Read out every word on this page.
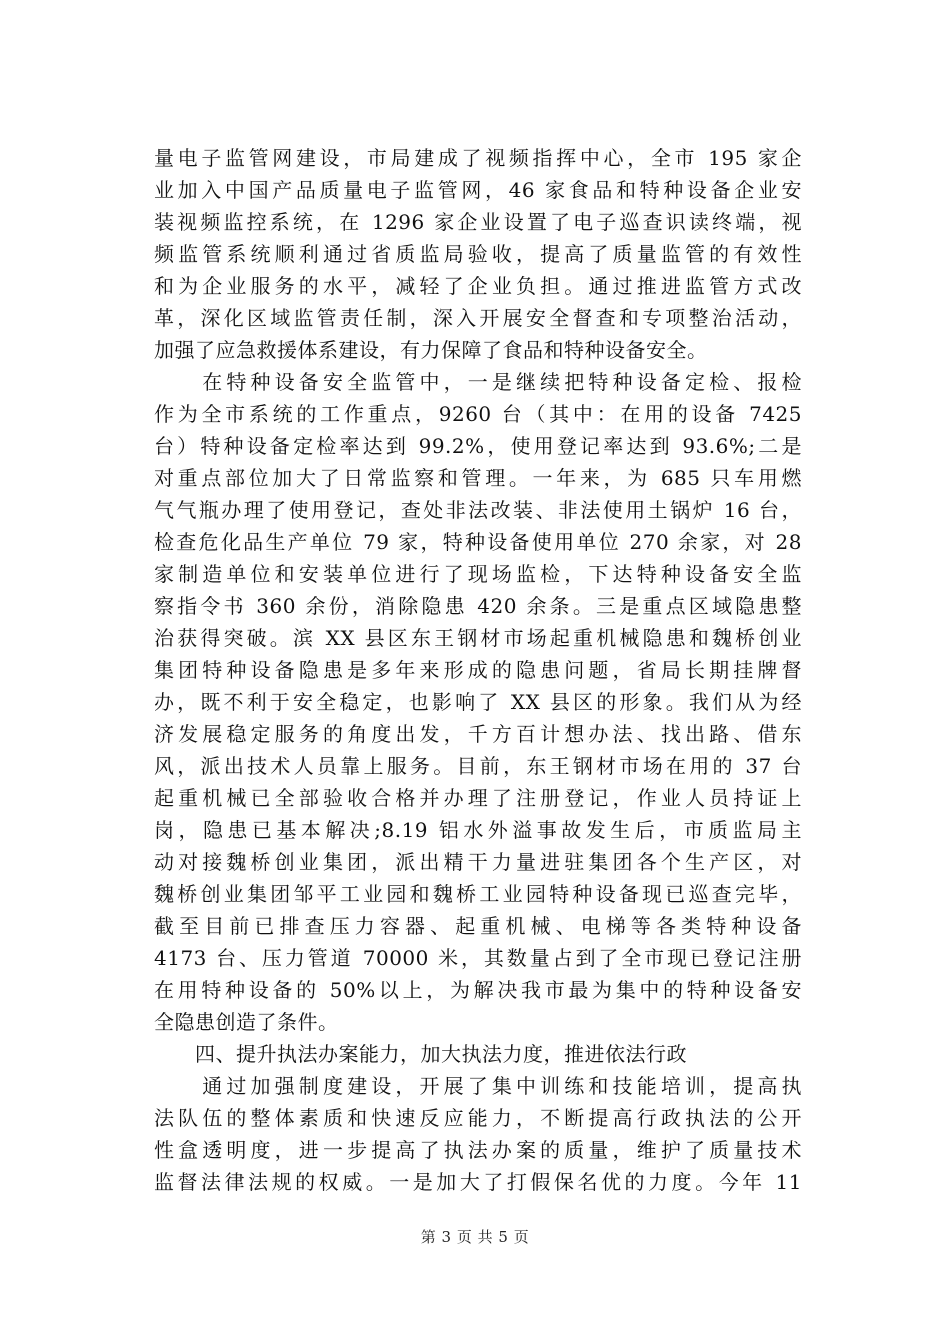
量电子监管网建设，市局建成了视频指挥中心，全市 195 家企
业加入中国产品质量电子监管网，46 家食品和特种设备企业安
装视频监控系统，在 1296 家企业设置了电子巡查识读终端，视
频监管系统顺利通过省质监局验收，提高了质量监管的有效性
和为企业服务的水平，减轻了企业负担。通过推进监管方式改
革，深化区域监管责任制，深入开展安全督查和专项整治活动，
加强了应急救援体系建设，有力保障了食品和特种设备安全。
　　在特种设备安全监管中，一是继续把特种设备定检、报检
作为全市系统的工作重点，9260 台（其中：在用的设备 7425
台）特种设备定检率达到 99.2%，使用登记率达到 93.6%;二是
对重点部位加大了日常监察和管理。一年来，为 685 只车用燃
气气瓶办理了使用登记，查处非法改装、非法使用土锅炉 16 台，
检查危化品生产单位 79 家，特种设备使用单位 270 余家，对 28
家制造单位和安装单位进行了现场监检，下达特种设备安全监
察指令书 360 余份，消除隐患 420 余条。三是重点区域隐患整
治获得突破。滨 XX 县区东王钢材市场起重机械隐患和魏桥创业
集团特种设备隐患是多年来形成的隐患问题，省局长期挂牌督
办，既不利于安全稳定，也影响了 XX 县区的形象。我们从为经
济发展稳定服务的角度出发，千方百计想办法、找出路、借东
风，派出技术人员靠上服务。目前，东王钢材市场在用的 37 台
起重机械已全部验收合格并办理了注册登记，作业人员持证上
岗，隐患已基本解决;8.19 铝水外溢事故发生后，市质监局主
动对接魏桥创业集团，派出精干力量进驻集团各个生产区，对
魏桥创业集团邹平工业园和魏桥工业园特种设备现已巡查完毕，
截至目前已排查压力容器、起重机械、电梯等各类特种设备
4173 台、压力管道 70000 米，其数量占到了全市现已登记注册
在用特种设备的 50%以上，为解决我市最为集中的特种设备安
全隐患创造了条件。
　　四、提升执法办案能力，加大执法力度，推进依法行政
　　通过加强制度建设，开展了集中训练和技能培训，提高执
法队伍的整体素质和快速反应能力，不断提高行政执法的公开
性盒透明度，进一步提高了执法办案的质量，维护了质量技术
监督法律法规的权威。一是加大了打假保名优的力度。今年 11
第 3 页 共 5 页
